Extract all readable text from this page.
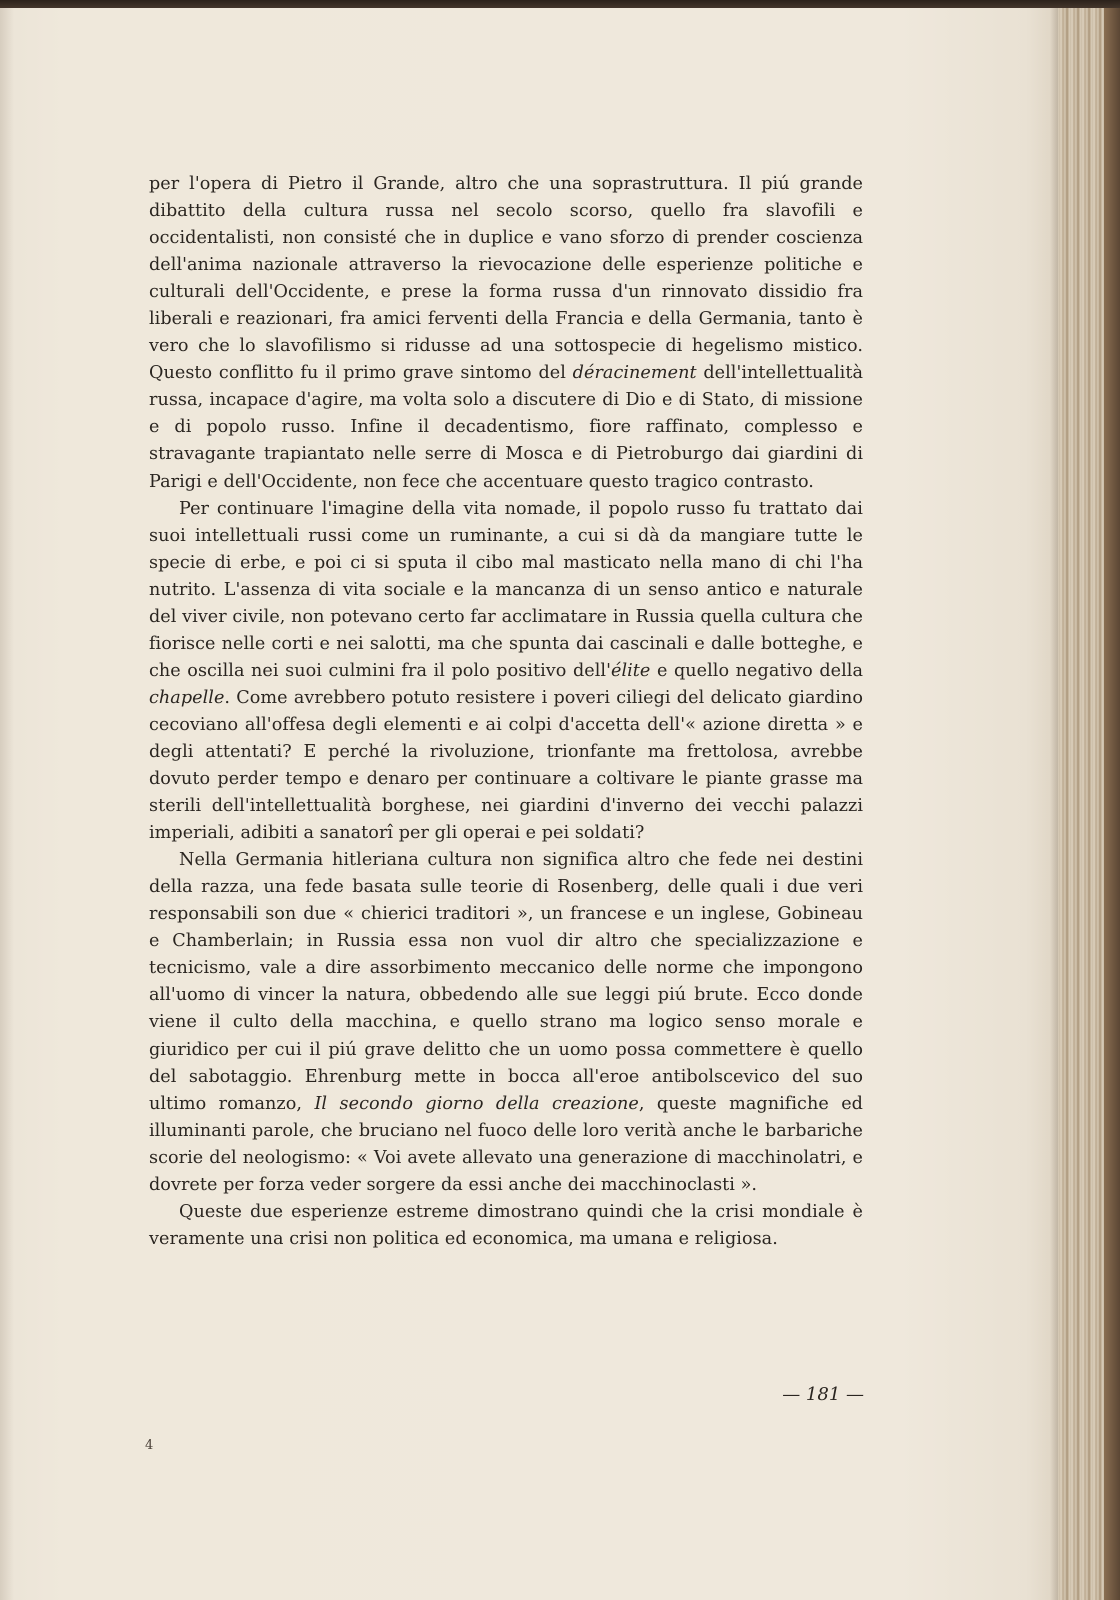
per l'opera di Pietro il Grande, altro che una soprastruttura. Il piú grande dibattito della cultura russa nel secolo scorso, quello fra slavofili e occidentalisti, non consisté che in duplice e vano sforzo di prender coscienza dell'anima nazionale attraverso la rievocazione delle esperienze politiche e culturali dell'Occidente, e prese la forma russa d'un rinnovato dissidio fra liberali e reazionari, fra amici ferventi della Francia e della Germania, tanto è vero che lo slavofilismo si ridusse ad una sottospecie di hegelismo mistico. Questo conflitto fu il primo grave sintomo del déracinement dell'intellettualità russa, incapace d'agire, ma volta solo a discutere di Dio e di Stato, di missione e di popolo russo. Infine il decadentismo, fiore raffinato, complesso e stravagante trapiantato nelle serre di Mosca e di Pietroburgo dai giardini di Parigi e dell'Occidente, non fece che accentuare questo tragico contrasto.

Per continuare l'imagine della vita nomade, il popolo russo fu trattato dai suoi intellettuali russi come un ruminante, a cui si dà da mangiare tutte le specie di erbe, e poi ci si sputa il cibo mal masticato nella mano di chi l'ha nutrito. L'assenza di vita sociale e la mancanza di un senso antico e naturale del viver civile, non potevano certo far acclimatare in Russia quella cultura che fiorisce nelle corti e nei salotti, ma che spunta dai cascinali e dalle botteghe, e che oscilla nei suoi culmini fra il polo positivo dell'élite e quello negativo della chapelle. Come avrebbero potuto resistere i poveri ciliegi del delicato giardino cecoviano all'offesa degli elementi e ai colpi d'accetta dell'« azione diretta » e degli attentati? E perché la rivoluzione, trionfante ma frettolosa, avrebbe dovuto perder tempo e denaro per continuare a coltivare le piante grasse ma sterili dell'intellettualità borghese, nei giardini d'inverno dei vecchi palazzi imperiali, adibiti a sanatorî per gli operai e pei soldati?

Nella Germania hitleriana cultura non significa altro che fede nei destini della razza, una fede basata sulle teorie di Rosenberg, delle quali i due veri responsabili son due « chierici traditori », un francese e un inglese, Gobineau e Chamberlain; in Russia essa non vuol dir altro che specializzazione e tecnicismo, vale a dire assorbimento meccanico delle norme che impongono all'uomo di vincer la natura, obbedendo alle sue leggi piú brute. Ecco donde viene il culto della macchina, e quello strano ma logico senso morale e giuridico per cui il piú grave delitto che un uomo possa commettere è quello del sabotaggio. Ehrenburg mette in bocca all'eroe antibolscevico del suo ultimo romanzo, Il secondo giorno della creazione, queste magnifiche ed illuminanti parole, che bruciano nel fuoco delle loro verità anche le barbariche scorie del neologismo: « Voi avete allevato una generazione di macchinolatri, e dovrete per forza veder sorgere da essi anche dei macchinoclasti ».

Queste due esperienze estreme dimostrano quindi che la crisi mondiale è veramente una crisi non politica ed economica, ma umana e religiosa.

— 181 —
4
